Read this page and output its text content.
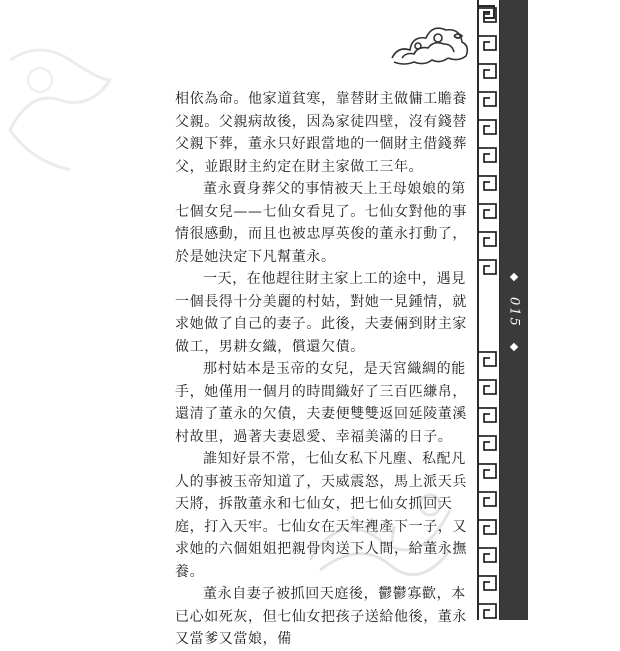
015

相依為命。他家道貧寒，靠替財主做傭工贍養父親。父親病故後，因為家徒四壁，沒有錢替父親下葬，董永只好跟當地的一個財主借錢葬父，並跟財主約定在財主家做工三年。

董永賣身葬父的事情被天上王母娘娘的第七個女兒——七仙女看見了。七仙女對他的事情很感動，而且也被忠厚英俊的董永打動了，於是她決定下凡幫董永。

一天，在他趕往財主家上工的途中，遇見一個長得十分美麗的村姑，對她一見鍾情，就求她做了自己的妻子。此後，夫妻倆到財主家做工，男耕女織，償還欠債。

那村姑本是玉帝的女兒，是天宮織綢的能手，她僅用一個月的時間織好了三百匹縑帛，還清了董永的欠債，夫妻便雙雙返回延陵董溪村故里，過著夫妻恩愛、幸福美滿的日子。

誰知好景不常，七仙女私下凡塵、私配凡人的事被玉帝知道了，天威震怒，馬上派天兵天將，拆散董永和七仙女，把七仙女抓回天庭，打入天牢。七仙女在天牢裡產下一子，又求她的六個姐姐把親骨肉送下人間，給董永撫養。

董永自妻子被抓回天庭後，鬱鬱寡歡，本已心如死灰，但七仙女把孩子送給他後，董永又當爹又當娘，備
